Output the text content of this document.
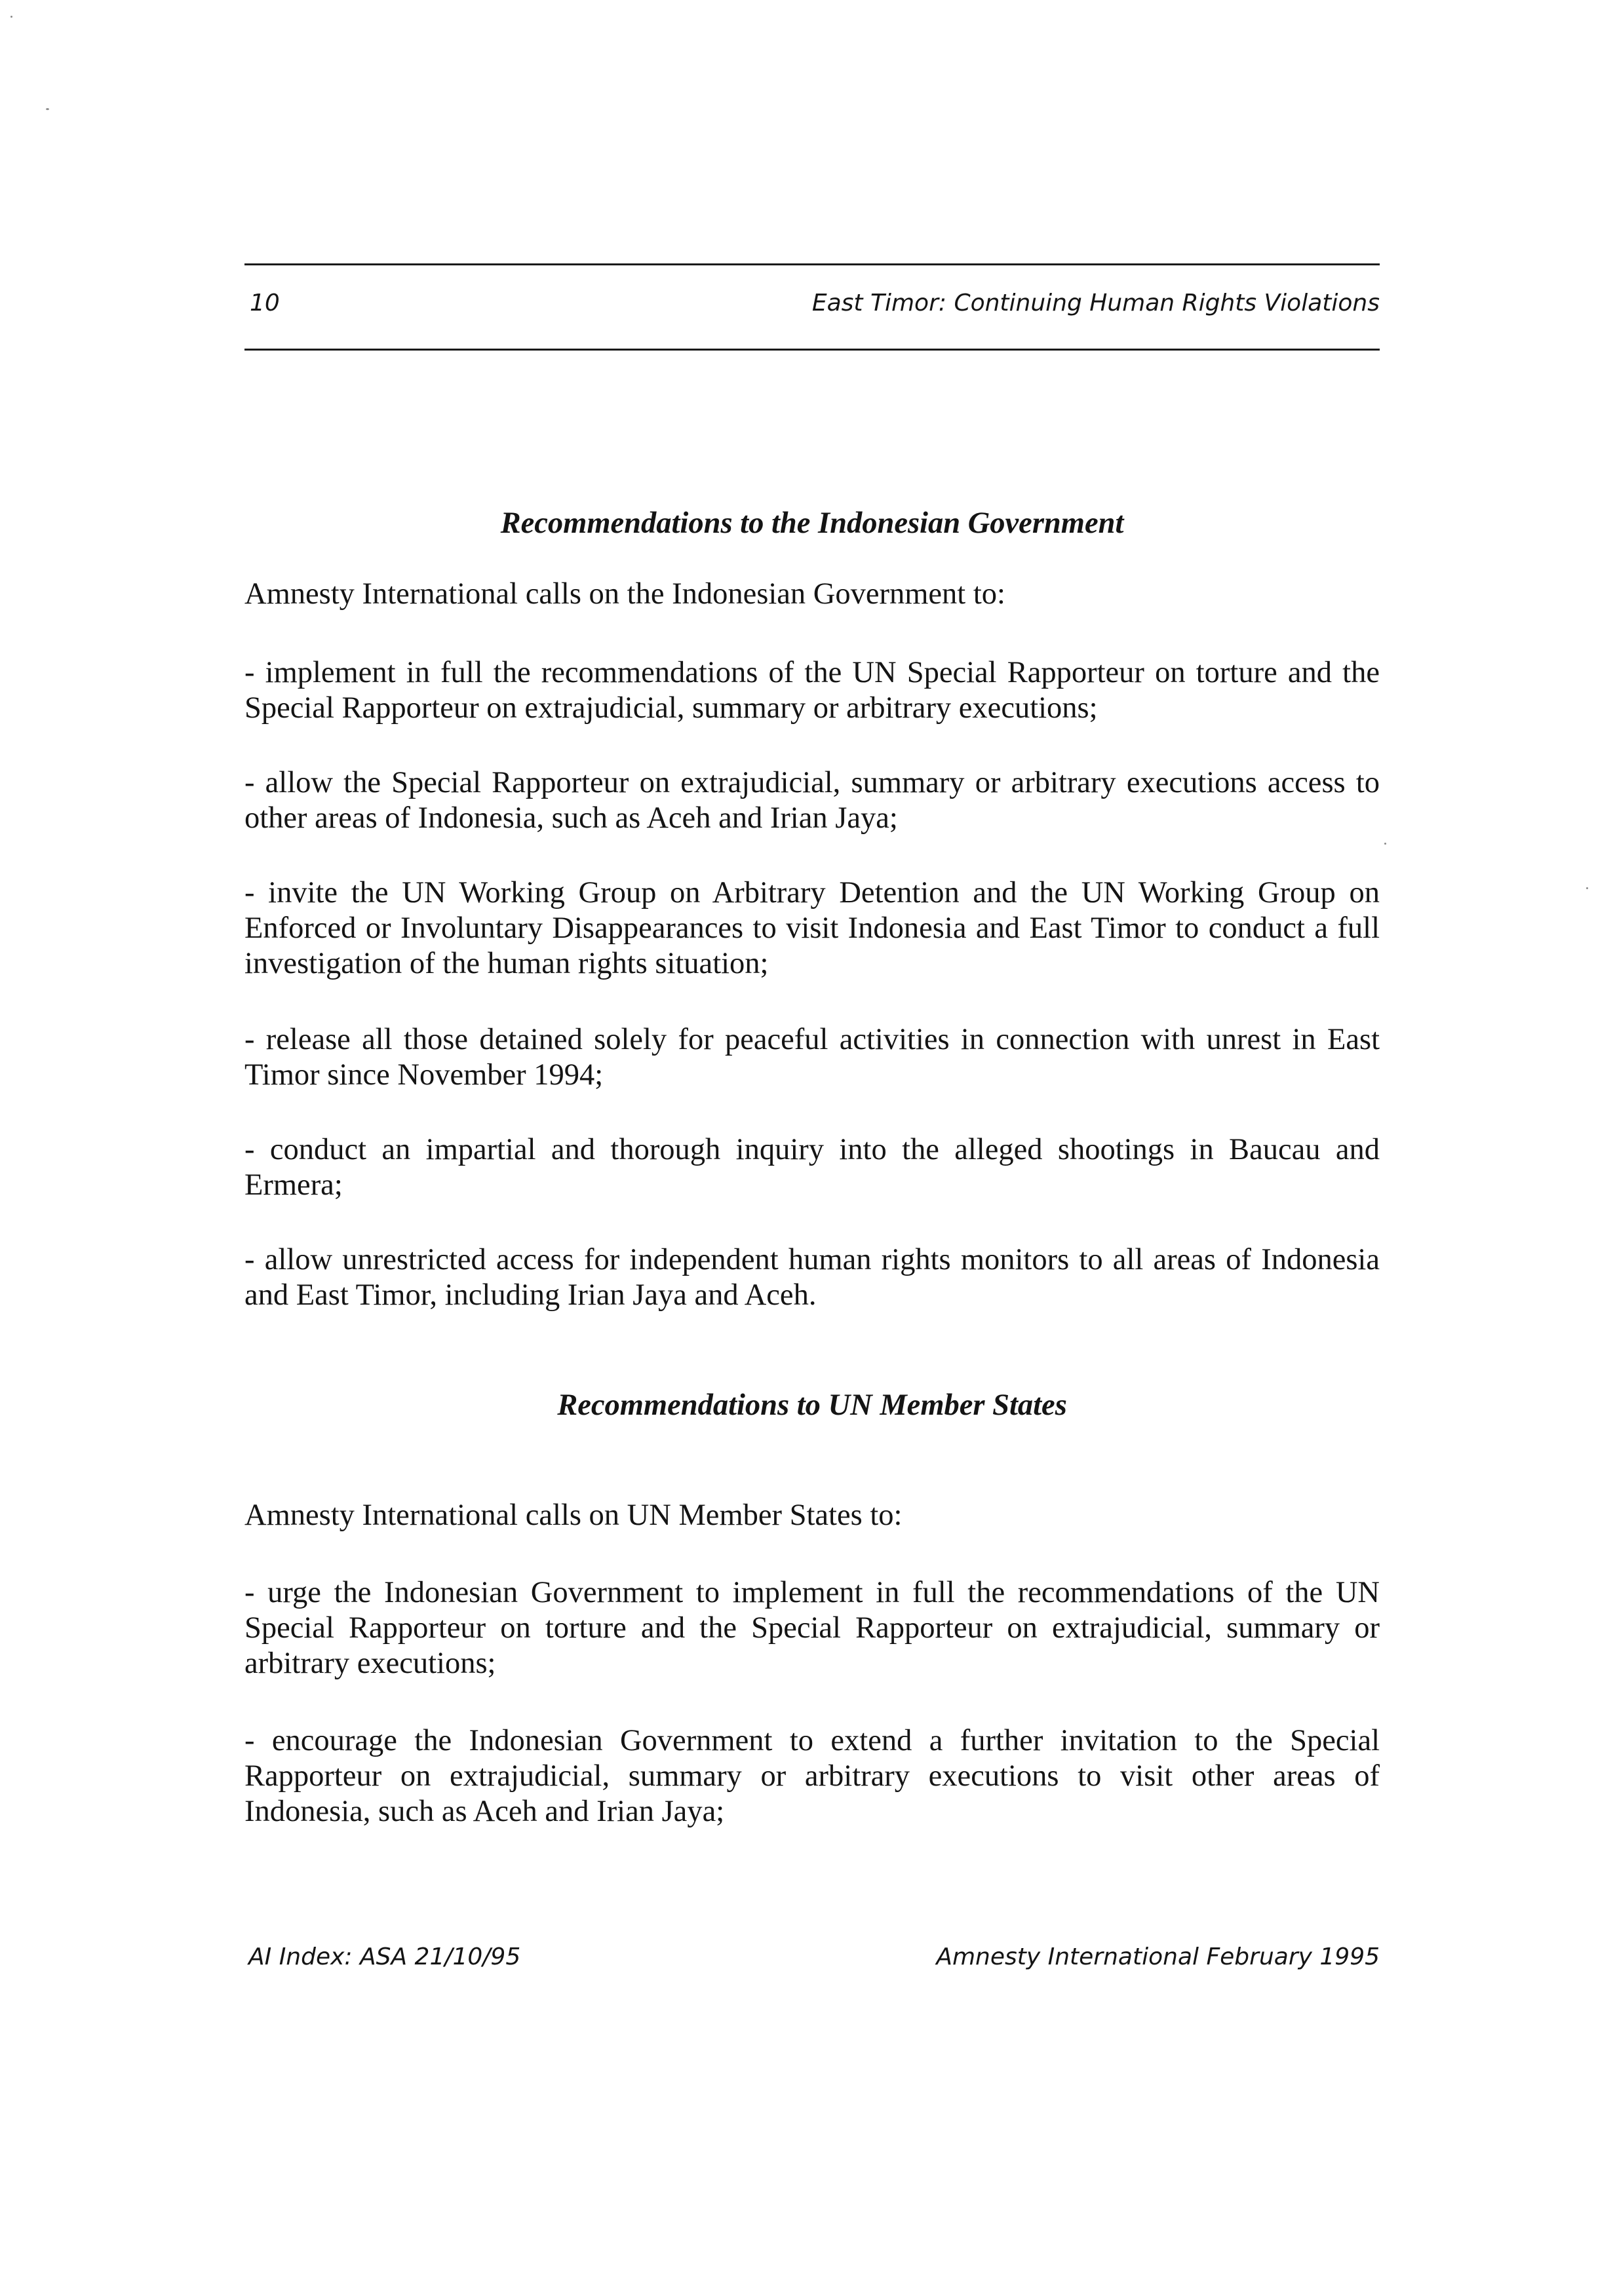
10	East Timor: Continuing Human Rights Violations
Recommendations to the Indonesian Government

Amnesty International calls on the Indonesian Government to:

- implement in full the recommendations of the UN Special Rapporteur on torture and the Special Rapporteur on extrajudicial, summary or arbitrary executions;

- allow the Special Rapporteur on extrajudicial, summary or arbitrary executions access to other areas of Indonesia, such as Aceh and Irian Jaya;

- invite the UN Working Group on Arbitrary Detention and the UN Working Group on Enforced or Involuntary Disappearances to visit Indonesia and East Timor to conduct a full investigation of the human rights situation;

- release all those detained solely for peaceful activities in connection with unrest in East Timor since November 1994;

- conduct an impartial and thorough inquiry into the alleged shootings in Baucau and Ermera;

- allow unrestricted access for independent human rights monitors to all areas of Indonesia and East Timor, including Irian Jaya and Aceh.

Recommendations to UN Member States

Amnesty International calls on UN Member States to:

- urge the Indonesian Government to implement in full the recommendations of the UN Special Rapporteur on torture and the Special Rapporteur on extrajudicial, summary or arbitrary executions;

- encourage the Indonesian Government to extend a further invitation to the Special Rapporteur on extrajudicial, summary or arbitrary executions to visit other areas of Indonesia, such as Aceh and Irian Jaya;

AI Index: ASA 21/10/95	Amnesty International February 1995
